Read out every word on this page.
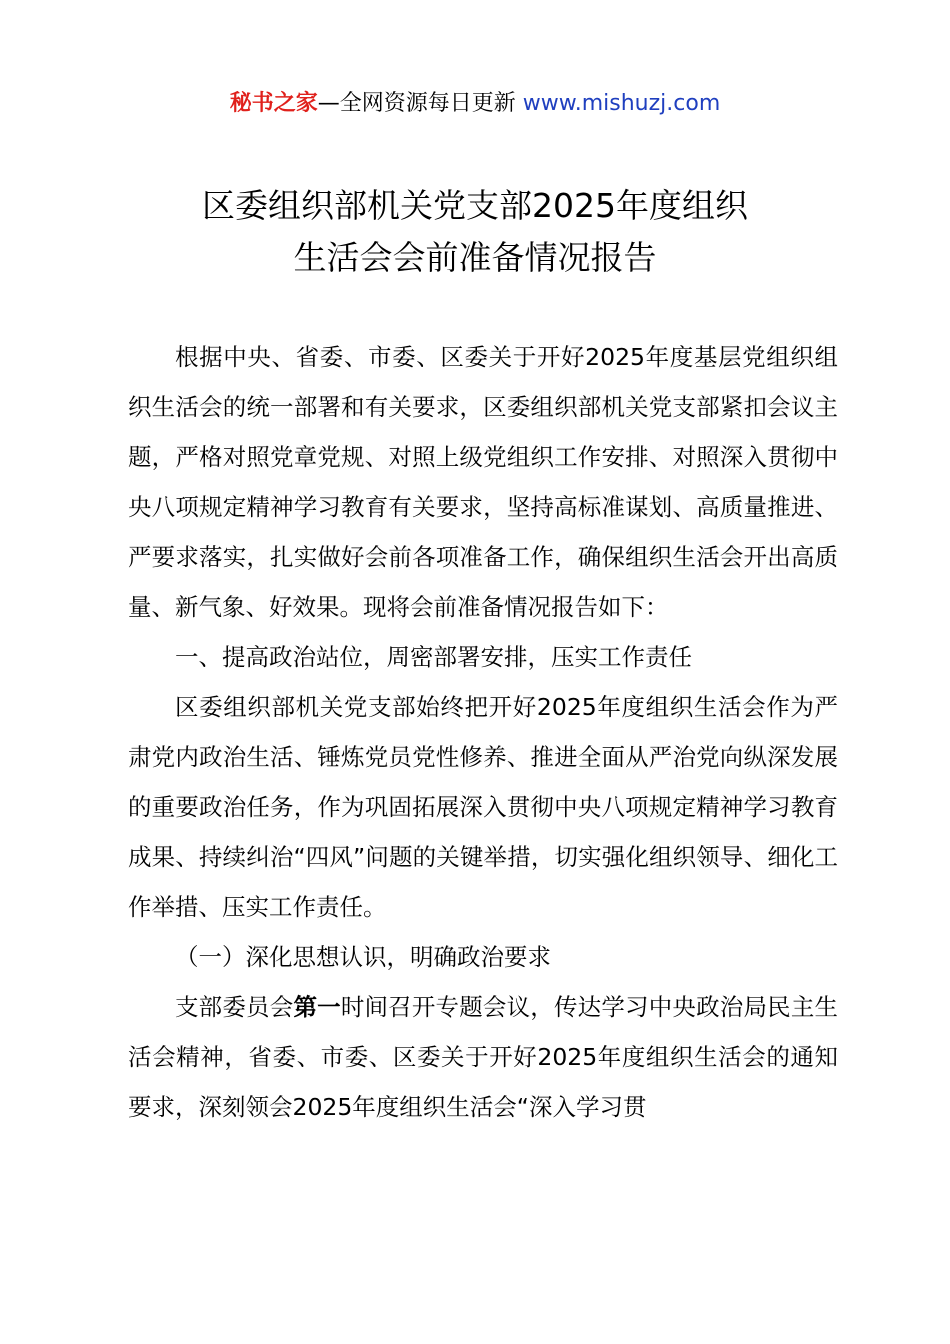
秘书之家—全网资源每日更新 www.mishuzj.com
区委组织部机关党支部2025年度组织
生活会会前准备情况报告

根据中央、省委、市委、区委关于开好2025年度基层党组织组织生活会的统一部署和有关要求，区委组织部机关党支部紧扣会议主题，严格对照党章党规、对照上级党组织工作安排、对照深入贯彻中央八项规定精神学习教育有关要求，坚持高标准谋划、高质量推进、严要求落实，扎实做好会前各项准备工作，确保组织生活会开出高质量、新气象、好效果。现将会前准备情况报告如下：

一、提高政治站位，周密部署安排，压实工作责任

区委组织部机关党支部始终把开好2025年度组织生活会作为严肃党内政治生活、锤炼党员党性修养、推进全面从严治党向纵深发展的重要政治任务，作为巩固拓展深入贯彻中央八项规定精神学习教育成果、持续纠治“四风”问题的关键举措，切实强化组织领导、细化工作举措、压实工作责任。

（一）深化思想认识，明确政治要求

支部委员会第一时间召开专题会议，传达学习中央政治局民主生活会精神，省委、市委、区委关于开好2025年度组织生活会的通知要求，深刻领会2025年度组织生活会“深入学习贯
